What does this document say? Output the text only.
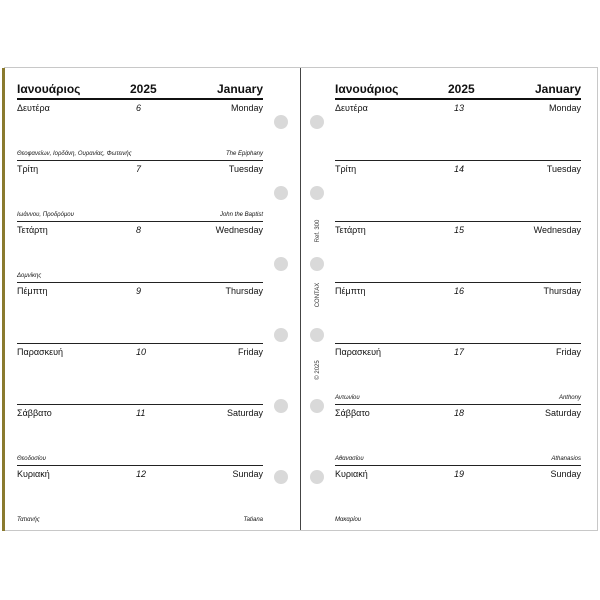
Ιανουάριος	2025	January
Δευτέρα	6	Monday
Θεοφανείων, Ιορδάνη, Ουρανίας, Φωτεινής	The Epiphany
Τρίτη	7	Tuesday
Ιωάννου, Προδρόμου	John the Baptist
Τετάρτη	8	Wednesday
Δομνίκης
Πέμπτη	9	Thursday
Παρασκευή	10	Friday
Σάββατο	11	Saturday
Θεοδοσίου
Κυριακή	12	Sunday
Τατιανής	Tatiana
Ιανουάριος	2025	January
Δευτέρα	13	Monday
Τρίτη	14	Tuesday
Τετάρτη	15	Wednesday
Πέμπτη	16	Thursday
Παρασκευή	17	Friday
Αντωνίου	Anthony
Σάββατο	18	Saturday
Αθανασίου	Athanasios
Κυριακή	19	Sunday
Μακαρίου
Ref. 300
CONTAX
© 2025
